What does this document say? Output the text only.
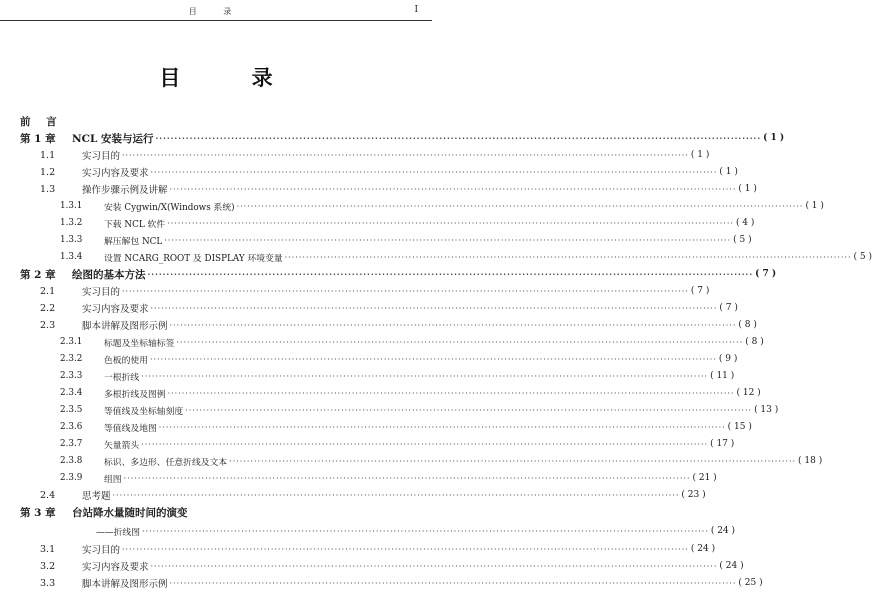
目 录	Ⅰ
目 录
前 言
第 1 章	NCL 安装与运行 ································································································································································ ( 1 )
1.1	实习目的 ································································································································································ ( 1 )
1.2	实习内容及要求 ································································································································································ ( 1 )
1.3	操作步骤示例及讲解 ································································································································································ ( 1 )
1.3.1	安装 Cygwin/X(Windows 系统) ································································································································································ ( 1 )
1.3.2	下载 NCL 软件 ································································································································································ ( 4 )
1.3.3	解压解包 NCL ································································································································································ ( 5 )
1.3.4	设置 NCARG_ROOT 及 DISPLAY 环境变量 ································································································································································ ( 5 )
第 2 章	绘图的基本方法 ································································································································································ ( 7 )
2.1	实习目的 ································································································································································ ( 7 )
2.2	实习内容及要求 ································································································································································ ( 7 )
2.3	脚本讲解及图形示例 ································································································································································ ( 8 )
2.3.1	标题及坐标轴标签 ································································································································································ ( 8 )
2.3.2	色板的使用 ································································································································································ ( 9 )
2.3.3	一根折线 ································································································································································ ( 11 )
2.3.4	多根折线及图例 ································································································································································ ( 12 )
2.3.5	等值线及坐标轴刻度 ································································································································································ ( 13 )
2.3.6	等值线及地图 ································································································································································ ( 15 )
2.3.7	矢量箭头 ································································································································································ ( 17 )
2.3.8	标识、多边形、任意折线及文本 ································································································································································ ( 18 )
2.3.9	组图 ································································································································································ ( 21 )
2.4	思考题 ································································································································································ ( 23 )
第 3 章	台站降水量随时间的演变
——折线图 ································································································································································ ( 24 )
3.1	实习目的 ································································································································································ ( 24 )
3.2	实习内容及要求 ································································································································································ ( 24 )
3.3	脚本讲解及图形示例 ································································································································································ ( 25 )
